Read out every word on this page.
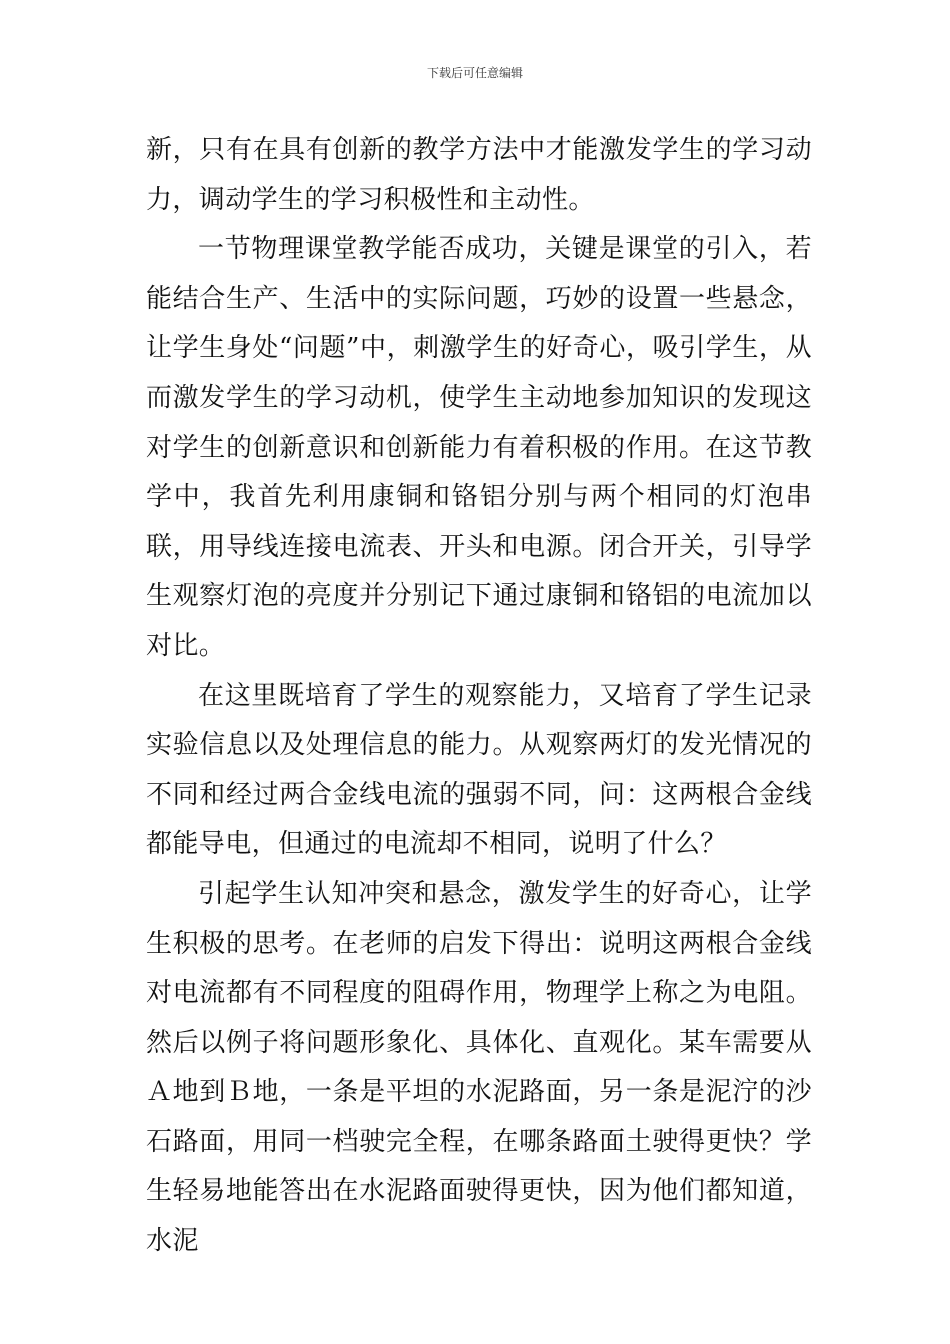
下载后可任意编辑

新，只有在具有创新的教学方法中才能激发学生的学习动力，调动学生的学习积极性和主动性。

一节物理课堂教学能否成功，关键是课堂的引入，若能结合生产、生活中的实际问题，巧妙的设置一些悬念，让学生身处“问题”中，刺激学生的好奇心，吸引学生，从而激发学生的学习动机，使学生主动地参加知识的发现这对学生的创新意识和创新能力有着积极的作用。在这节教学中，我首先利用康铜和铬铝分别与两个相同的灯泡串联，用导线连接电流表、开头和电源。闭合开关，引导学生观察灯泡的亮度并分别记下通过康铜和铬铝的电流加以对比。

在这里既培育了学生的观察能力，又培育了学生记录实验信息以及处理信息的能力。从观察两灯的发光情况的不同和经过两合金线电流的强弱不同，问：这两根合金线都能导电，但通过的电流却不相同，说明了什么？

引起学生认知冲突和悬念，激发学生的好奇心，让学生积极的思考。在老师的启发下得出：说明这两根合金线对电流都有不同程度的阻碍作用，物理学上称之为电阻。然后以例子将问题形象化、具体化、直观化。某车需要从Ａ地到Ｂ地，一条是平坦的水泥路面，另一条是泥泞的沙石路面，用同一档驶完全程，在哪条路面土驶得更快？学生轻易地能答出在水泥路面驶得更快，因为他们都知道，水泥
